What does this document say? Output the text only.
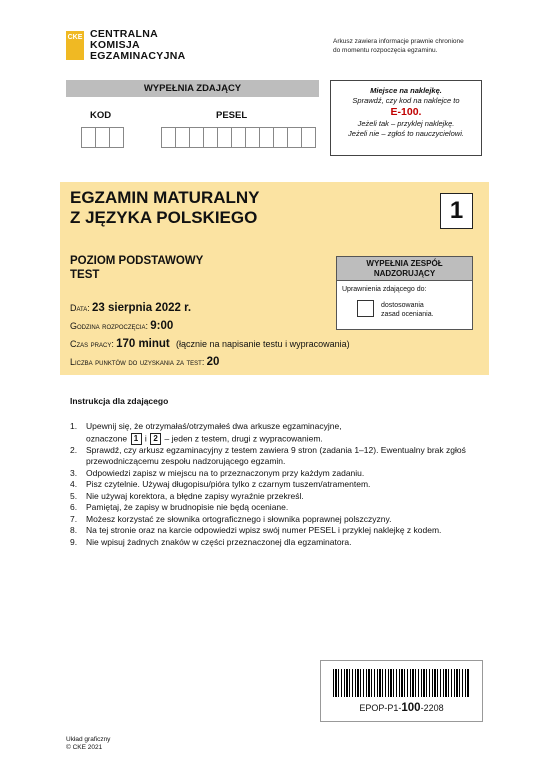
CKE CENTRALNA
KOMISJA
EGZAMINACYJNA
Arkusz zawiera informacje prawnie chronione
do momentu rozpoczęcia egzaminu.
WYPEŁNIA ZDAJĄCY
KOD	PESEL
Miejsce na naklejkę.
Sprawdź, czy kod na naklejce to
E-100.
Jeżeli tak – przyklej naklejkę.
Jeżeli nie – zgłoś to nauczycielowi.
EGZAMIN MATURALNY
Z JĘZYKA POLSKIEGO	1
POZIOM PODSTAWOWY
TEST
WYPEŁNIA ZESPÓŁ
NADZORUJĄCY
Uprawnienia zdającego do:
dostosowania
zasad oceniania.
Data: 23 sierpnia 2022 r.
Godzina rozpoczęcia: 9:00
Czas pracy: 170 minut (łącznie na napisanie testu i wypracowania)
Liczba punktów do uzyskania za test: 20
Instrukcja dla zdającego
1.	Upewnij się, że otrzymałaś/otrzymałeś dwa arkusze egzaminacyjne,
oznaczone 1 i 2 – jeden z testem, drugi z wypracowaniem.
2.	Sprawdź, czy arkusz egzaminacyjny z testem zawiera 9 stron (zadania 1–12). Ewentualny brak zgłoś przewodniczącemu zespołu nadzorującego egzamin.
3.	Odpowiedzi zapisz w miejscu na to przeznaczonym przy każdym zadaniu.
4.	Pisz czytelnie. Używaj długopisu/pióra tylko z czarnym tuszem/atramentem.
5.	Nie używaj korektora, a błędne zapisy wyraźnie przekreśl.
6.	Pamiętaj, że zapisy w brudnopisie nie będą oceniane.
7.	Możesz korzystać ze słownika ortograficznego i słownika poprawnej polszczyzny.
8.	Na tej stronie oraz na karcie odpowiedzi wpisz swój numer PESEL i przyklej naklejkę z kodem.
9.	Nie wpisuj żadnych znaków w części przeznaczonej dla egzaminatora.
EPOP-P1-100-2208
Układ graficzny
© CKE 2021
